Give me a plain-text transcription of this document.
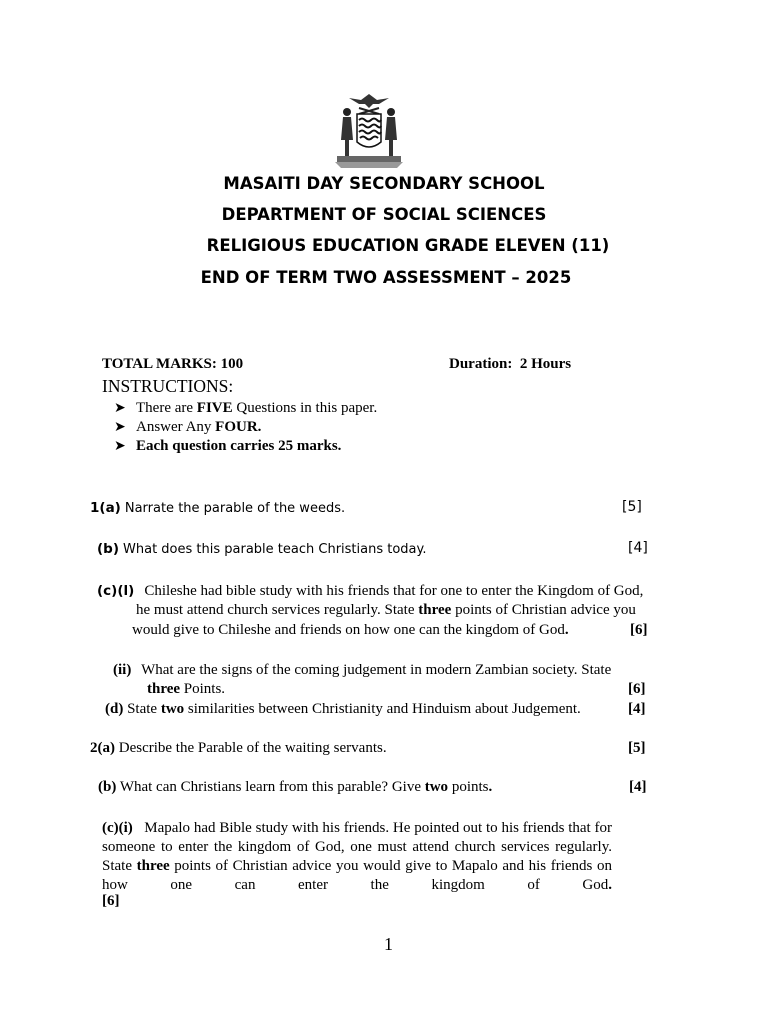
MASAITI DAY SECONDARY SCHOOL
DEPARTMENT OF SOCIAL SCIENCES
RELIGIOUS EDUCATION GRADE ELEVEN (11)
END OF TERM TWO ASSESSMENT – 2025
TOTAL MARKS: 100	Duration: 2 Hours
INSTRUCTIONS:
➤ There are FIVE Questions in this paper.
➤ Answer Any FOUR.
➤ Each question carries 25 marks.
1(a) Narrate the parable of the weeds.	[5]
(b) What does this parable teach Christians today.	[4]
(c)(l) Chileshe had bible study with his friends that for one to enter the Kingdom of God,
he must attend church services regularly. State three points of Christian advice you
would give to Chileshe and friends on how one can the kingdom of God.	[6]
(ii) What are the signs of the coming judgement in modern Zambian society. State
three Points.	[6]
(d) State two similarities between Christianity and Hinduism about Judgement.	[4]
2(a) Describe the Parable of the waiting servants.	[5]
(b) What can Christians learn from this parable? Give two points.	[4]
(c)(i) Mapalo had Bible study with his friends. He pointed out to his friends that for someone to enter the kingdom of God, one must attend church services regularly. State three points of Christian advice you would give to Mapalo and his friends on how one can enter the kingdom of God.
[6]
1
